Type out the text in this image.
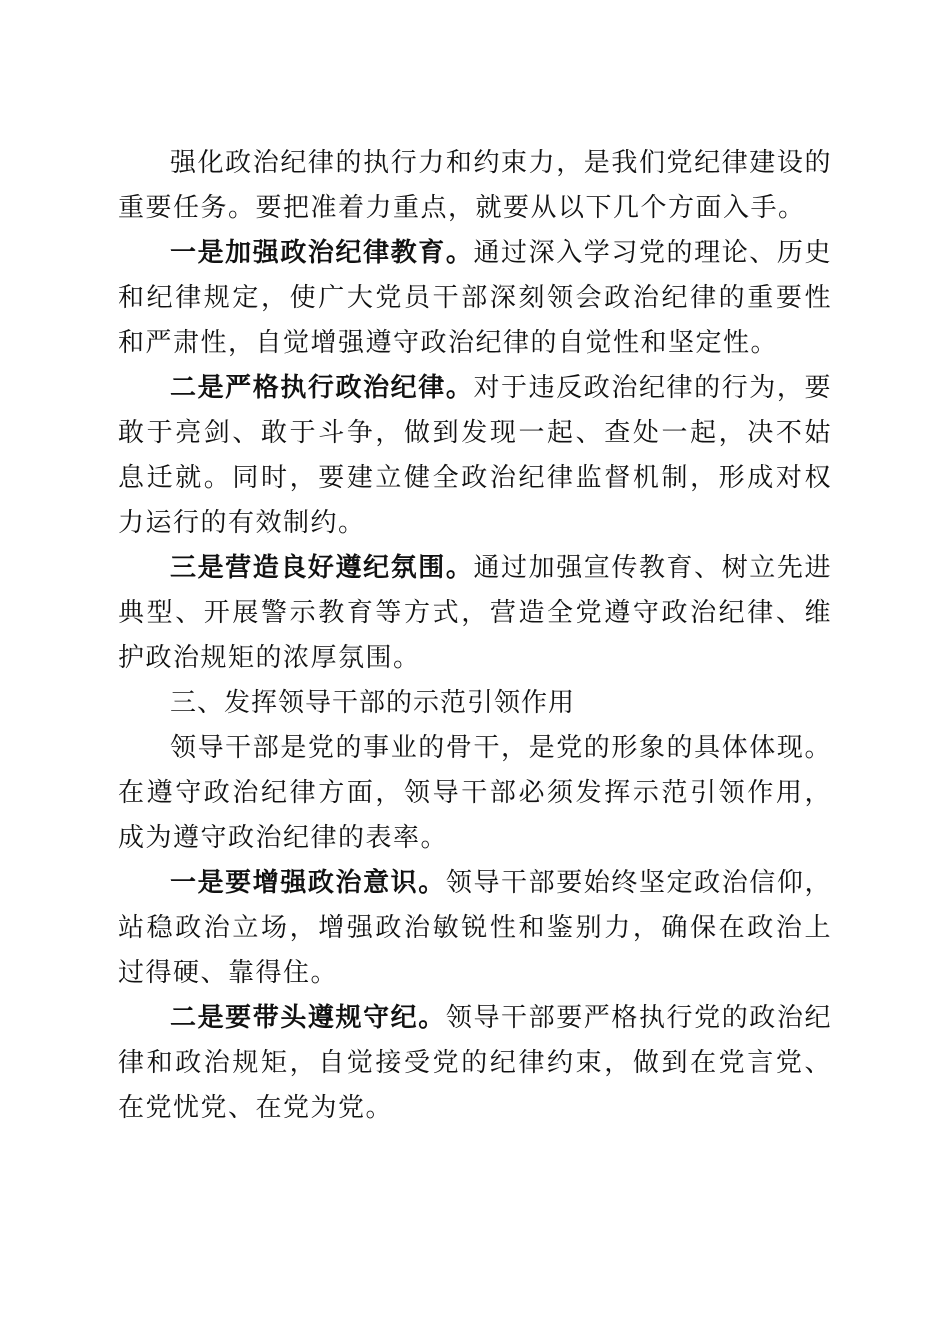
强化政治纪律的执行力和约束力，是我们党纪律建设的重要任务。要把准着力重点，就要从以下几个方面入手。

一是加强政治纪律教育。通过深入学习党的理论、历史和纪律规定，使广大党员干部深刻领会政治纪律的重要性和严肃性，自觉增强遵守政治纪律的自觉性和坚定性。

二是严格执行政治纪律。对于违反政治纪律的行为，要敢于亮剑、敢于斗争，做到发现一起、查处一起，决不姑息迁就。同时，要建立健全政治纪律监督机制，形成对权力运行的有效制约。

三是营造良好遵纪氛围。通过加强宣传教育、树立先进典型、开展警示教育等方式，营造全党遵守政治纪律、维护政治规矩的浓厚氛围。

三、发挥领导干部的示范引领作用

领导干部是党的事业的骨干，是党的形象的具体体现。在遵守政治纪律方面，领导干部必须发挥示范引领作用，成为遵守政治纪律的表率。

一是要增强政治意识。领导干部要始终坚定政治信仰，站稳政治立场，增强政治敏锐性和鉴别力，确保在政治上过得硬、靠得住。

二是要带头遵规守纪。领导干部要严格执行党的政治纪律和政治规矩，自觉接受党的纪律约束，做到在党言党、在党忧党、在党为党。
